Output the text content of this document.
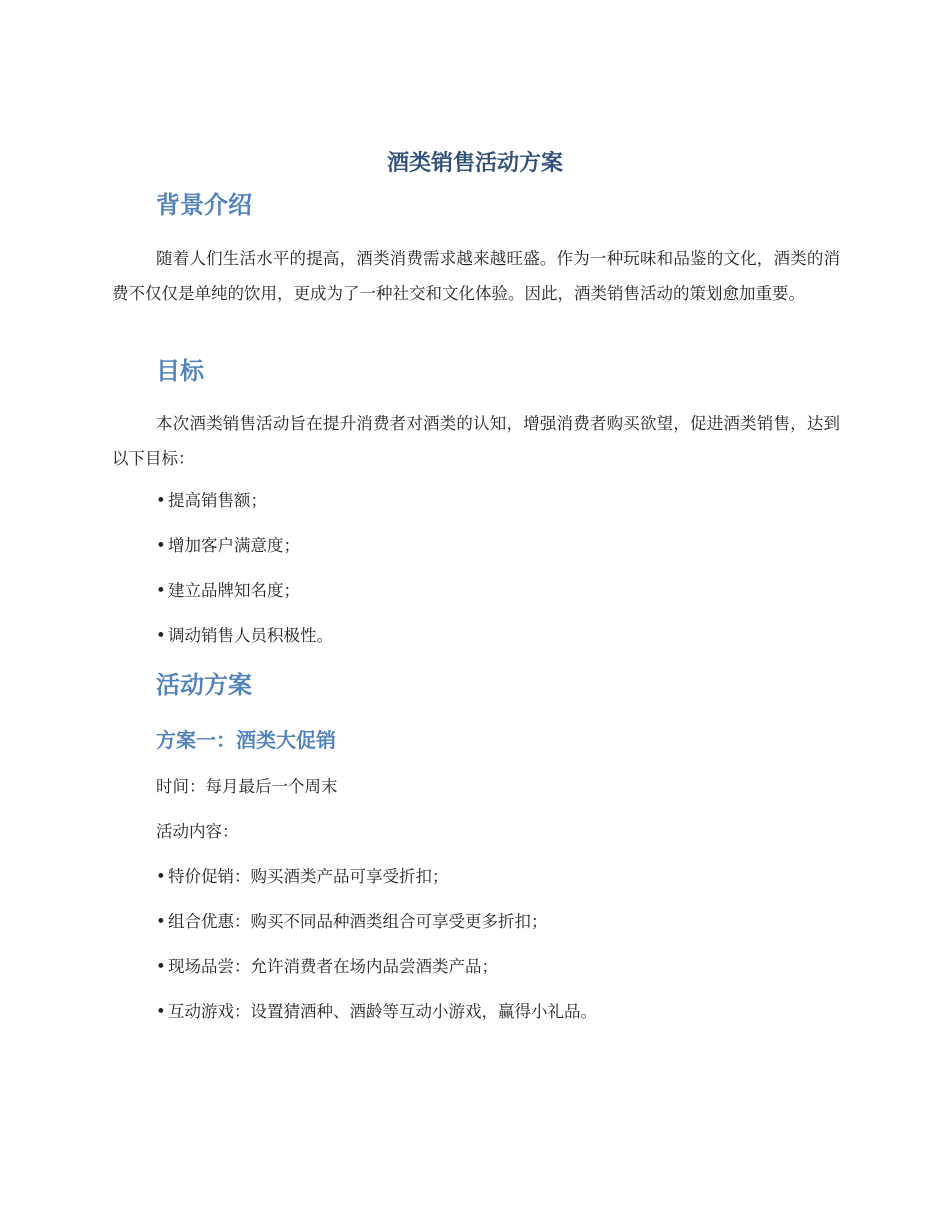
酒类销售活动方案
背景介绍

随着人们生活水平的提高，酒类消费需求越来越旺盛。作为一种玩味和品鉴的文化，酒类的消费不仅仅是单纯的饮用，更成为了一种社交和文化体验。因此，酒类销售活动的策划愈加重要。

目标

本次酒类销售活动旨在提升消费者对酒类的认知，增强消费者购买欲望，促进酒类销售，达到以下目标：

• 提高销售额；
• 增加客户满意度；
• 建立品牌知名度；
• 调动销售人员积极性。
活动方案
方案一：酒类大促销
时间：每月最后一个周末
活动内容：
• 特价促销：购买酒类产品可享受折扣；
• 组合优惠：购买不同品种酒类组合可享受更多折扣；
• 现场品尝：允许消费者在场内品尝酒类产品；
• 互动游戏：设置猜酒种、酒龄等互动小游戏，赢得小礼品。
